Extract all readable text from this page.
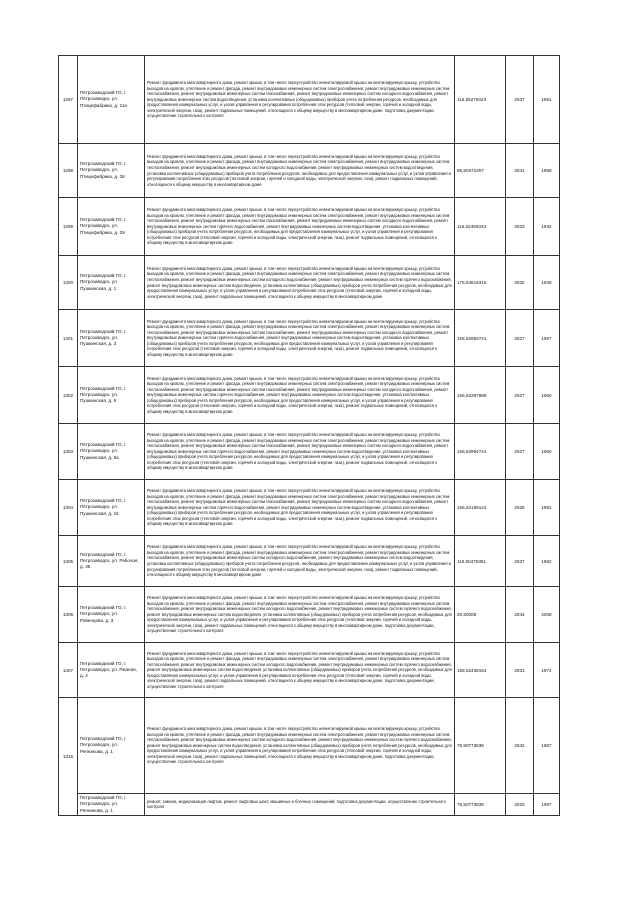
1297	Петрозаводский ГО, г. Петрозаводск, ул. Птицефабрика, д. 11а	Ремонт фундамента многоквартирного дома, ремонт крыши, в том числе переустройство невентилируемой крыши на вентилируемую крышу, устройство выходов на кровлю, утепление и ремонт фасада, ремонт внутридомовых инженерных систем электроснабжения, ремонт внутридомовых инженерных систем теплоснабжения, ремонт внутридомовых инженерных систем газоснабжения, ремонт внутридомовых инженерных систем холодного водоснабжения, ремонт внутридомовых инженерных систем водоотведения, установка коллективных (общедомовых) приборов учета потребления ресурсов, необходимых для предоставления коммунальных услуг, и узлов управления и регулирования потребления этих ресурсов (тепловой энергии, горячей и холодной воды, электрической энергии, газа), ремонт подвальных помещений, относящихся к общему имуществу в многоквартирном доме, подготовка документации, осуществление строительного контроля	115,55279323	2037	1961
1298	Петрозаводский ГО, г. Петрозаводск, ул. Птицефабрика, д. 38	Ремонт фундамента многоквартирного дома, ремонт крыши, в том числе переустройство невентилируемой крыши на вентилируемую крышу, устройство выходов на кровлю, утепление и ремонт фасада, ремонт внутридомовых инженерных систем электроснабжения, ремонт внутридомовых инженерных систем теплоснабжения, ремонт внутридомовых инженерных систем холодного водоснабжения, ремонт внутридомовых инженерных систем водоотведения, установка коллективных (общедомовых) приборов учета потребления ресурсов, необходимых для предоставления коммунальных услуг, и узлов управления и регулирования потребления этих ресурсов (тепловой энергии, горячей и холодной воды, электрической энергии, газа), ремонт подвальных помещений, относящихся к общему имуществу в многоквартирном доме	95,50372307	2041	1968
1299	Петрозаводский ГО, г. Петрозаводск, ул. Птицефабрика, д. 39	Ремонт фундамента многоквартирного дома, ремонт крыши, в том числе переустройство невентилируемой крыши на вентилируемую крышу, устройство выходов на кровлю, утепление и ремонт фасада, ремонт внутридомовых инженерных систем электроснабжения, ремонт внутридомовых инженерных систем теплоснабжения, ремонт внутридомовых инженерных систем газоснабжения, ремонт внутридомовых инженерных систем холодного водоснабжения, ремонт внутридомовых инженерных систем горячего водоснабжения, ремонт внутридомовых инженерных систем водоотведения, установка коллективных (общедомовых) приборов учета потребления ресурсов, необходимых для предоставления коммунальных услуг, и узлов управления и регулирования потребления этих ресурсов (тепловой энергии, горячей и холодной воды, электрической энергии, газа), ремонт подвальных помещений, относящихся к общему имуществу в многоквартирном доме	115,02458343	2033	1932
1300	Петрозаводский ГО, г. Петрозаводск, ул. Пушкинская, д. 1	Ремонт фундамента многоквартирного дома, ремонт крыши, в том числе переустройство невентилируемой крыши на вентилируемую крышу, устройство выходов на кровлю, утепление и ремонт фасада, ремонт внутридомовых инженерных систем электроснабжения, ремонт внутридомовых инженерных систем теплоснабжения, ремонт внутридомовых инженерных систем холодного водоснабжения, ремонт внутридомовых инженерных систем горячего водоснабжения, ремонт внутридомовых инженерных систем водоотведения, установка коллективных (общедомовых) приборов учета потребления ресурсов, необходимых для предоставления коммунальных услуг, и узлов управления и регулирования потребления этих ресурсов (тепловой энергии, горячей и холодной воды, электрической энергии, газа), ремонт подвальных помещений, относящихся к общему имуществу в многоквартирном доме	175,54816315	2032	1948
1301	Петрозаводский ГО, г. Петрозаводск, ул. Пушкинская, д. 3	Ремонт фундамента многоквартирного дома, ремонт крыши, в том числе переустройство невентилируемой крыши на вентилируемую крышу, устройство выходов на кровлю, утепление и ремонт фасада, ремонт внутридомовых инженерных систем электроснабжения, ремонт внутридомовых инженерных систем теплоснабжения, ремонт внутридомовых инженерных систем газоснабжения, ремонт внутридомовых инженерных систем холодного водоснабжения, ремонт внутридомовых инженерных систем горячего водоснабжения, ремонт внутридомовых инженерных систем водоотведения, установка коллективных (общедомовых) приборов учета потребления ресурсов, необходимых для предоставления коммунальных услуг, и узлов управления и регулирования потребления этих ресурсов (тепловой энергии, горячей и холодной воды, электрической энергии, газа), ремонт подвальных помещений, относящихся к общему имуществу в многоквартирном доме	155,52993741	2027	1957
1302	Петрозаводский ГО, г. Петрозаводск, ул. Пушкинская, д. 5	Ремонт фундамента многоквартирного дома, ремонт крыши, в том числе переустройство невентилируемой крыши на вентилируемую крышу, устройство выходов на кровлю, утепление и ремонт фасада, ремонт внутридомовых инженерных систем электроснабжения, ремонт внутридомовых инженерных систем теплоснабжения, ремонт внутридомовых инженерных систем газоснабжения, ремонт внутридомовых инженерных систем холодного водоснабжения, ремонт внутридомовых инженерных систем горячего водоснабжения, ремонт внутридомовых инженерных систем водоотведения, установка коллективных (общедомовых) приборов учета потребления ресурсов, необходимых для предоставления коммунальных услуг, и узлов управления и регулирования потребления этих ресурсов (тепловой энергии, горячей и холодной воды, электрической энергии, газа), ремонт подвальных помещений, относящихся к общему имуществу в многоквартирном доме	155,52297888	2027	1960
1303	Петрозаводский ГО, г. Петрозаводск, ул. Пушкинская, д. 5а	Ремонт фундамента многоквартирного дома, ремонт крыши, в том числе переустройство невентилируемой крыши на вентилируемую крышу, устройство выходов на кровлю, утепление и ремонт фасада, ремонт внутридомовых инженерных систем электроснабжения, ремонт внутридомовых инженерных систем теплоснабжения, ремонт внутридомовых инженерных систем газоснабжения, ремонт внутридомовых инженерных систем холодного водоснабжения, ремонт внутридомовых инженерных систем горячего водоснабжения, ремонт внутридомовых инженерных систем водоотведения, установка коллективных (общедомовых) приборов учета потребления ресурсов, необходимых для предоставления коммунальных услуг, и узлов управления и регулирования потребления этих ресурсов (тепловой энергии, горячей и холодной воды, электрической энергии, газа), ремонт подвальных помещений, относящихся к общему имуществу в многоквартирном доме	155,52994741	2027	1960
1304	Петрозаводский ГО, г. Петрозаводск, ул. Пушкинская, д. 15	Ремонт фундамента многоквартирного дома, ремонт крыши, в том числе переустройство невентилируемой крыши на вентилируемую крышу, устройство выходов на кровлю, утепление и ремонт фасада, ремонт внутридомовых инженерных систем электроснабжения, ремонт внутридомовых инженерных систем теплоснабжения, ремонт внутридомовых инженерных систем газоснабжения, ремонт внутридомовых инженерных систем холодного водоснабжения, ремонт внутридомовых инженерных систем горячего водоснабжения, ремонт внутридомовых инженерных систем водоотведения, установка коллективных (общедомовых) приборов учета потребления ресурсов, необходимых для предоставления коммунальных услуг, и узлов управления и регулирования потребления этих ресурсов (тепловой энергии, горячей и холодной воды, электрической энергии, газа), ремонт подвальных помещений, относящихся к общему имуществу в многоквартирном доме	155,52199124	2026	1952
1305	Петрозаводский ГО, г. Петрозаводск, ул. Рабочая, д. 35	Ремонт фундамента многоквартирного дома, ремонт крыши, в том числе переустройство невентилируемой крыши на вентилируемую крышу, устройство выходов на кровлю, утепление и ремонт фасада, ремонт внутридомовых инженерных систем электроснабжения, ремонт внутридомовых инженерных систем теплоснабжения, ремонт внутридомовых инженерных систем холодного водоснабжения, ремонт внутридомовых инженерных систем водоотведения, установка коллективных (общедомовых) приборов учета потребления ресурсов, необходимых для предоставления коммунальных услуг, и узлов управления и регулирования потребления этих ресурсов (тепловой энергии, горячей и холодной воды, электрической энергии, газа), ремонт подвальных помещений, относящихся к общему имуществу в многоквартирном доме	115,50478381	2037	1962
1306	Петрозаводский ГО, г. Петрозаводск, ул. Ровенцева, д. 3	Ремонт фундамента многоквартирного дома, ремонт крыши, в том числе переустройство невентилируемой крыши на вентилируемую крышу, устройство выходов на кровлю, утепление и ремонт фасада, ремонт внутридомовых инженерных систем электроснабжения, ремонт внутридомовых инженерных систем теплоснабжения, ремонт внутридомовых инженерных систем холодного водоснабжения, ремонт внутридомовых инженерных систем горячего водоснабжения, ремонт внутридомовых инженерных систем водоотведения, установка коллективных (общедомовых) приборов учета потребления ресурсов, необходимых для предоставления коммунальных услуг, и узлов управления и регулирования потребления этих ресурсов (тепловой энергии, горячей и холодной воды, электрической энергии, газа), ремонт подвальных помещений, относящихся к общему имуществу в многоквартирном доме, подготовка документации, осуществление строительного контроля	20,60008	2044	2008
1307	Петрозаводский ГО, г. Петрозаводск, ул. Ржаная, д. 4	Ремонт фундамента многоквартирного дома, ремонт крыши, в том числе переустройство невентилируемой крыши на вентилируемую крышу, устройство выходов на кровлю, утепление и ремонт фасада, ремонт внутридомовых инженерных систем электроснабжения, ремонт внутридомовых инженерных систем теплоснабжения, ремонт внутридомовых инженерных систем холодного водоснабжения, ремонт внутридомовых инженерных систем горячего водоснабжения, ремонт внутридомовых инженерных систем водоотведения, установка коллективных (общедомовых) приборов учета потребления ресурсов, необходимых для предоставления коммунальных услуг, и узлов управления и регулирования потребления этих ресурсов (тепловой энергии, горячей и холодной воды, электрической энергии, газа), ремонт подвальных помещений, относящихся к общему имуществу в многоквартирном доме, подготовка документации, осуществление строительного контроля	155,52438164	2031	1974
1316	Петрозаводский ГО, г. Петрозаводск, ул. Репникова, д. 1	Ремонт фундамента многоквартирного дома, ремонт крыши, в том числе переустройство невентилируемой крыши на вентилируемую крышу, устройство выходов на кровлю, утепление и ремонт фасада, ремонт внутридомовых инженерных систем электроснабжения, ремонт внутридомовых инженерных систем теплоснабжения, ремонт внутридомовых инженерных систем холодного водоснабжения, ремонт внутридомовых инженерных систем горячего водоснабжения, ремонт внутридомовых инженерных систем водоотведения, установка коллективных (общедомовых) приборов учета потребления ресурсов, необходимых для предоставления коммунальных услуг, и узлов управления и регулирования потребления этих ресурсов (тепловой энергии, горячей и холодной воды, электрической энергии, газа), ремонт подвальных помещений, относящихся к общему имуществу в многоквартирном доме, подготовка документации, осуществление строительного контроля	75,50773636	2042	1987
	Петрозаводский ГО, г. Петрозаводск, ул. Репникова, д. 1	ремонт, замена, модернизация лифтов, ремонт лифтовых шахт, машинных и блочных помещений, подготовка документации, осуществление строительного контроля	75,50773636	2023	1987
